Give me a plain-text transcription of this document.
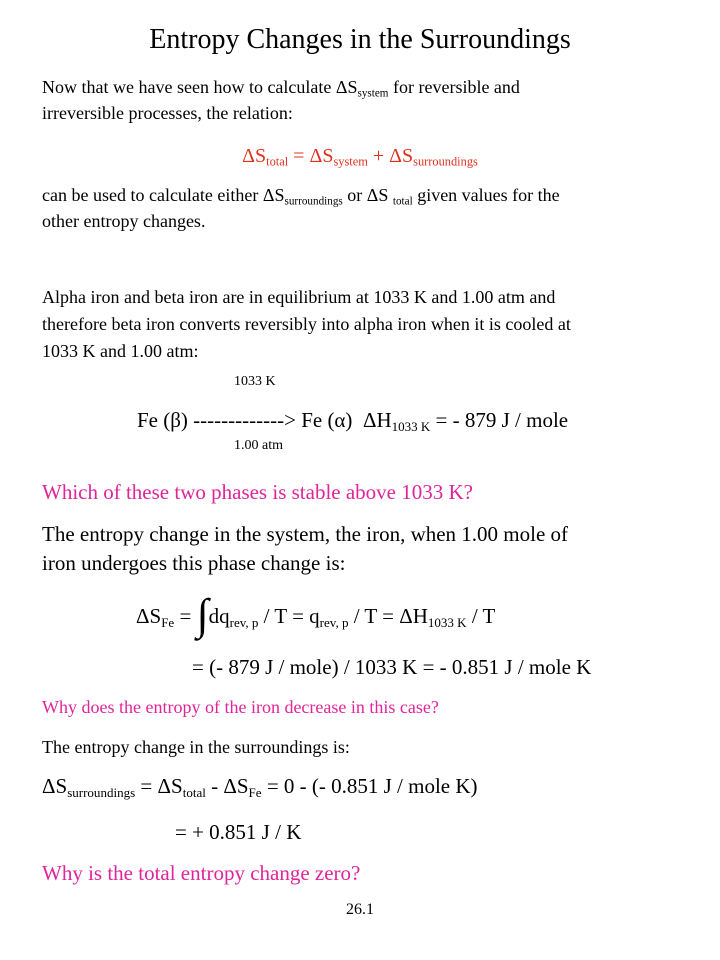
Entropy Changes in the Surroundings
Now that we have seen how to calculate $\Delta S_{system}$ for reversible and
irreversible processes, the relation:
$\Delta S_{total} = \Delta S_{system} + \Delta S_{surroundings}$
can be used to calculate either $\Delta S_{surroundings}$ or ΔS $_{total}$ given values for the
other entropy changes.
Alpha iron and beta iron are in equilibrium at 1033 K and 1.00 atm and
therefore beta iron converts reversibly into alpha iron when it is cooled at
1033 K and 1.00 atm:
1033 K
Fe (β) -------------> Fe (α) $\Delta H_{1033 K}$ = - 879 J / mole
1.00 atm
Which of these two phases is stable above 1033 K?
The entropy change in the system, the iron, when 1.00 mole of
iron undergoes this phase change is:
$\Delta S_{Fe} = \int dq_{rev, p} / T = q_{rev, p} / T = \Delta H_{1033 K} / T$
= (- 879 J / mole) / 1033 K = - 0.851 J / mole K
Why does the entropy of the iron decrease in this case?
The entropy change in the surroundings is:
$\Delta S_{surroundings} = \Delta S_{total} - \Delta S_{Fe} = 0$ - (- 0.851 J / mole K)
= + 0.851 J / K
Why is the total entropy change zero?
26.1
